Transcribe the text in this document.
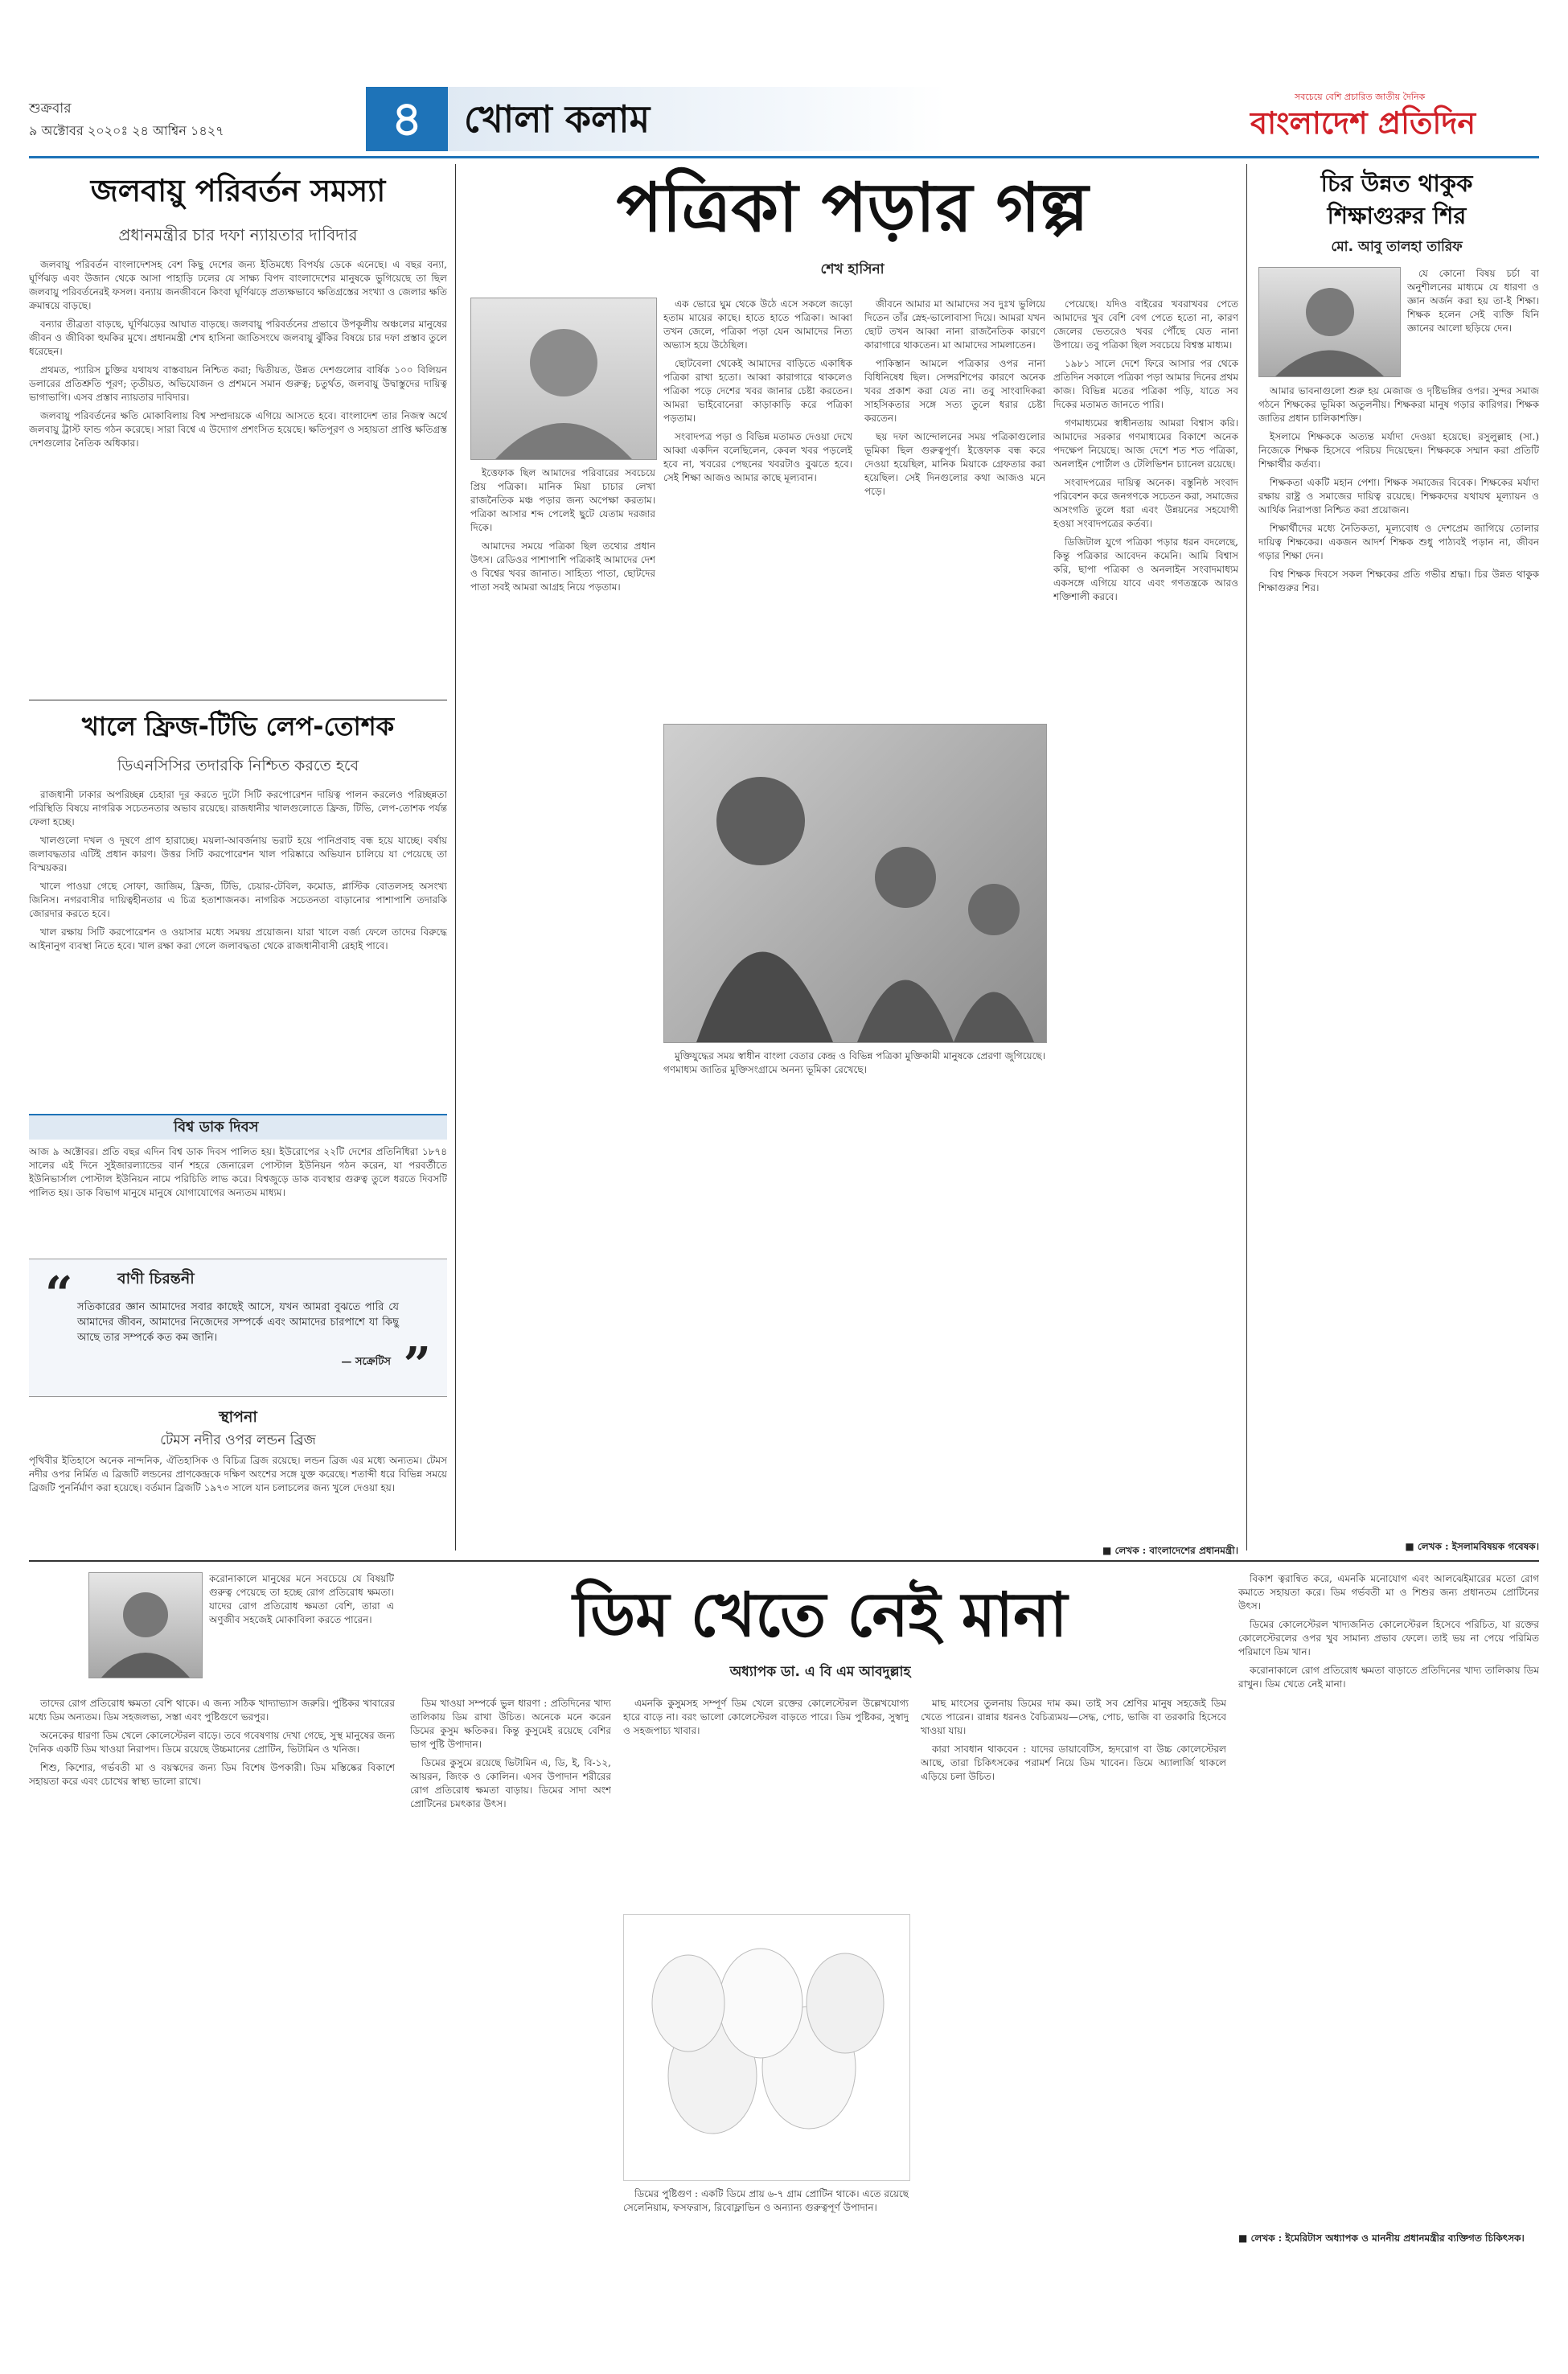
শুক্রবার
৯ অক্টোবর ২০২০ঃ ২৪ আশ্বিন ১৪২৭	৪	খোলা কলাম
সবচেয়ে বেশি প্রচারিত জাতীয় দৈনিক
বাংলাদেশ প্রতিদিন
জলবায়ু পরিবর্তন সমস্যা
প্রধানমন্ত্রীর চার দফা ন্যায়তার দাবিদার

জলবায়ু পরিবর্তন বাংলাদেশসহ বেশ কিছু দেশের জন্য ইতিমধ্যে বিপর্যয় ডেকে এনেছে। এ বছর বন্যা, ঘূর্ণিঝড় এবং উজান থেকে আসা পাহাড়ি ঢলের যে সাক্ষ্য বিপদ বাংলাদেশের মানুষকে ভুগিয়েছে তা ছিল জলবায়ু পরিবর্তনেরই ফসল। বন্যায় জনজীবনে কিংবা ঘূর্ণিঝড়ে প্রত্যক্ষভাবে ক্ষতিগ্রস্তের সংখ্যা ও জেলার ক্ষতি ক্রমান্বয়ে বাড়ছে।

বন্যার তীব্রতা বাড়ছে, ঘূর্ণিঝড়ের আঘাত বাড়ছে। জলবায়ু পরিবর্তনের প্রভাবে উপকূলীয় অঞ্চলের মানুষের জীবন ও জীবিকা হুমকির মুখে। প্রধানমন্ত্রী শেখ হাসিনা জাতিসংঘে জলবায়ু ঝুঁকির বিষয়ে চার দফা প্রস্তাব তুলে ধরেছেন।

প্রথমত, প্যারিস চুক্তির যথাযথ বাস্তবায়ন নিশ্চিত করা; দ্বিতীয়ত, উন্নত দেশগুলোর বার্ষিক ১০০ বিলিয়ন ডলারের প্রতিশ্রুতি পূরণ; তৃতীয়ত, অভিযোজন ও প্রশমনে সমান গুরুত্ব; চতুর্থত, জলবায়ু উদ্বাস্তুদের দায়িত্ব ভাগাভাগি। এসব প্রস্তাব ন্যায়তার দাবিদার।

জলবায়ু পরিবর্তনের ক্ষতি মোকাবিলায় বিশ্ব সম্প্রদায়কে এগিয়ে আসতে হবে। বাংলাদেশ তার নিজস্ব অর্থে জলবায়ু ট্রাস্ট ফান্ড গঠন করেছে। সারা বিশ্বে এ উদ্যোগ প্রশংসিত হয়েছে। ক্ষতিপূরণ ও সহায়তা প্রাপ্তি ক্ষতিগ্রস্ত দেশগুলোর নৈতিক অধিকার।

খালে ফ্রিজ-টিভি লেপ-তোশক
ডিএনসিসির তদারকি নিশ্চিত করতে হবে

রাজধানী ঢাকার অপরিচ্ছন্ন চেহারা দূর করতে দুটো সিটি করপোরেশন দায়িত্ব পালন করলেও পরিচ্ছন্নতা পরিস্থিতি বিষয়ে নাগরিক সচেতনতার অভাব রয়েছে। রাজধানীর খালগুলোতে ফ্রিজ, টিভি, লেপ-তোশক পর্যন্ত ফেলা হচ্ছে।

খালগুলো দখল ও দূষণে প্রাণ হারাচ্ছে। ময়লা-আবর্জনায় ভরাট হয়ে পানিপ্রবাহ বন্ধ হয়ে যাচ্ছে। বর্ষায় জলাবদ্ধতার এটিই প্রধান কারণ। উত্তর সিটি করপোরেশন খাল পরিষ্কারে অভিযান চালিয়ে যা পেয়েছে তা বিস্ময়কর।

খালে পাওয়া গেছে সোফা, জাজিম, ফ্রিজ, টিভি, চেয়ার-টেবিল, কমোড, প্লাস্টিক বোতলসহ অসংখ্য জিনিস। নগরবাসীর দায়িত্বহীনতার এ চিত্র হতাশাজনক। নাগরিক সচেতনতা বাড়ানোর পাশাপাশি তদারকি জোরদার করতে হবে।

খাল রক্ষায় সিটি করপোরেশন ও ওয়াসার মধ্যে সমন্বয় প্রয়োজন। যারা খালে বর্জ্য ফেলে তাদের বিরুদ্ধে আইনানুগ ব্যবস্থা নিতে হবে। খাল রক্ষা করা গেলে জলাবদ্ধতা থেকে রাজধানীবাসী রেহাই পাবে।

বিশ্ব ডাক দিবস
আজ ৯ অক্টোবর। প্রতি বছর এদিন বিশ্ব ডাক দিবস পালিত হয়। ইউরোপের ২২টি দেশের প্রতিনিধিরা ১৮৭৪ সালের এই দিনে সুইজারল্যান্ডের বার্ন শহরে জেনারেল পোস্টাল ইউনিয়ন গঠন করেন, যা পরবর্তীতে ইউনিভার্সাল পোস্টাল ইউনিয়ন নামে পরিচিতি লাভ করে। বিশ্বজুড়ে ডাক ব্যবস্থার গুরুত্ব তুলে ধরতে দিবসটি পালিত হয়। ডাক বিভাগ মানুষে মানুষে যোগাযোগের অন্যতম মাধ্যম।
“	বাণী চিরন্তনী
সতিকারের জ্ঞান আমাদের সবার কাছেই আসে, যখন আমরা বুঝতে পারি যে আমাদের জীবন, আমাদের নিজেদের সম্পর্কে এবং আমাদের চারপাশে যা কিছু আছে তার সম্পর্কে কত কম জানি।
— সক্রেটিস ”
স্থাপনা
টেমস নদীর ওপর লন্ডন ব্রিজ
পৃথিবীর ইতিহাসে অনেক নান্দনিক, ঐতিহাসিক ও বিচিত্র ব্রিজ রয়েছে। লন্ডন ব্রিজ এর মধ্যে অন্যতম। টেমস নদীর ওপর নির্মিত এ ব্রিজটি লন্ডনের প্রাণকেন্দ্রকে দক্ষিণ অংশের সঙ্গে যুক্ত করেছে। শতাব্দী ধরে বিভিন্ন সময়ে ব্রিজটি পুনর্নির্মাণ করা হয়েছে। বর্তমান ব্রিজটি ১৯৭৩ সালে যান চলাচলের জন্য খুলে দেওয়া হয়।
পত্রিকা পড়ার গল্প
শেখ হাসিনা

এক ভোরে ঘুম থেকে উঠে এসে সকলে জড়ো হতাম মায়ের কাছে। হাতে হাতে পত্রিকা। আব্বা তখন জেলে, পত্রিকা পড়া যেন আমাদের নিত্য অভ্যাস হয়ে উঠেছিল।

ছোটবেলা থেকেই আমাদের বাড়িতে একাধিক পত্রিকা রাখা হতো। আব্বা কারাগারে থাকলেও পত্রিকা পড়ে দেশের খবর জানার চেষ্টা করতেন। আমরা ভাইবোনেরা কাড়াকাড়ি করে পত্রিকা পড়তাম।

সংবাদপত্র পড়া ও বিভিন্ন মতামত দেওয়া দেখে আব্বা একদিন বলেছিলেন, কেবল খবর পড়লেই হবে না, খবরের পেছনের খবরটাও বুঝতে হবে। সেই শিক্ষা আজও আমার কাছে মূল্যবান।

ইত্তেফাক ছিল আমাদের পরিবারের সবচেয়ে প্রিয় পত্রিকা। মানিক মিয়া চাচার লেখা রাজনৈতিক মঞ্চ পড়ার জন্য অপেক্ষা করতাম। পত্রিকা আসার শব্দ পেলেই ছুটে যেতাম দরজার দিকে।

আমাদের সময়ে পত্রিকা ছিল তথ্যের প্রধান উৎস। রেডিওর পাশাপাশি পত্রিকাই আমাদের দেশ ও বিশ্বের খবর জানাত। সাহিত্য পাতা, ছোটদের পাতা সবই আমরা আগ্রহ নিয়ে পড়তাম।

জীবনে আমার মা আমাদের সব দুঃখ ভুলিয়ে দিতেন তাঁর স্নেহ-ভালোবাসা দিয়ে। আমরা যখন ছোট তখন আব্বা নানা রাজনৈতিক কারণে কারাগারে থাকতেন। মা আমাদের সামলাতেন।

পাকিস্তান আমলে পত্রিকার ওপর নানা বিধিনিষেধ ছিল। সেন্সরশিপের কারণে অনেক খবর প্রকাশ করা যেত না। তবু সাংবাদিকরা সাহসিকতার সঙ্গে সত্য তুলে ধরার চেষ্টা করতেন।

ছয় দফা আন্দোলনের সময় পত্রিকাগুলোর ভূমিকা ছিল গুরুত্বপূর্ণ। ইত্তেফাক বন্ধ করে দেওয়া হয়েছিল, মানিক মিয়াকে গ্রেফতার করা হয়েছিল। সেই দিনগুলোর কথা আজও মনে পড়ে।

পেয়েছে। যদিও বাইরের খবরাখবর পেতে আমাদের খুব বেশি বেগ পেতে হতো না, কারণ জেলের ভেতরেও খবর পৌঁছে যেত নানা উপায়ে। তবু পত্রিকা ছিল সবচেয়ে বিশ্বস্ত মাধ্যম।

১৯৮১ সালে দেশে ফিরে আসার পর থেকে প্রতিদিন সকালে পত্রিকা পড়া আমার দিনের প্রথম কাজ। বিভিন্ন মতের পত্রিকা পড়ি, যাতে সব দিকের মতামত জানতে পারি।

গণমাধ্যমের স্বাধীনতায় আমরা বিশ্বাস করি। আমাদের সরকার গণমাধ্যমের বিকাশে অনেক পদক্ষেপ নিয়েছে। আজ দেশে শত শত পত্রিকা, অনলাইন পোর্টাল ও টেলিভিশন চ্যানেল রয়েছে।

সংবাদপত্রের দায়িত্ব অনেক। বস্তুনিষ্ঠ সংবাদ পরিবেশন করে জনগণকে সচেতন করা, সমাজের অসংগতি তুলে ধরা এবং উন্নয়নের সহযোগী হওয়া সংবাদপত্রের কর্তব্য।

ডিজিটাল যুগে পত্রিকা পড়ার ধরন বদলেছে, কিন্তু পত্রিকার আবেদন কমেনি। আমি বিশ্বাস করি, ছাপা পত্রিকা ও অনলাইন সংবাদমাধ্যম একসঙ্গে এগিয়ে যাবে এবং গণতন্ত্রকে আরও শক্তিশালী করবে।

মুক্তিযুদ্ধের সময় স্বাধীন বাংলা বেতার কেন্দ্র ও বিভিন্ন পত্রিকা মুক্তিকামী মানুষকে প্রেরণা জুগিয়েছে। গণমাধ্যম জাতির মুক্তিসংগ্রামে অনন্য ভূমিকা রেখেছে।

■ লেখক : বাংলাদেশের প্রধানমন্ত্রী।
চির উন্নত থাকুক
শিক্ষাগুরুর শির
মো. আবু তালহা তারিফ

যে কোনো বিষয় চর্চা বা অনুশীলনের মাধ্যমে যে ধারণা ও জ্ঞান অর্জন করা হয় তা-ই শিক্ষা। শিক্ষক হলেন সেই ব্যক্তি যিনি জ্ঞানের আলো ছড়িয়ে দেন।

আমার ভাবনাগুলো শুরু হয় মেজাজ ও দৃষ্টিভঙ্গির ওপর। সুন্দর সমাজ গঠনে শিক্ষকের ভূমিকা অতুলনীয়। শিক্ষকরা মানুষ গড়ার কারিগর। শিক্ষক জাতির প্রধান চালিকাশক্তি।

ইসলামে শিক্ষককে অত্যন্ত মর্যাদা দেওয়া হয়েছে। রসুলুল্লাহ (সা.) নিজেকে শিক্ষক হিসেবে পরিচয় দিয়েছেন। শিক্ষককে সম্মান করা প্রতিটি শিক্ষার্থীর কর্তব্য।

শিক্ষকতা একটি মহান পেশা। শিক্ষক সমাজের বিবেক। শিক্ষকের মর্যাদা রক্ষায় রাষ্ট্র ও সমাজের দায়িত্ব রয়েছে। শিক্ষকদের যথাযথ মূল্যায়ন ও আর্থিক নিরাপত্তা নিশ্চিত করা প্রয়োজন।

শিক্ষার্থীদের মধ্যে নৈতিকতা, মূল্যবোধ ও দেশপ্রেম জাগিয়ে তোলার দায়িত্ব শিক্ষকের। একজন আদর্শ শিক্ষক শুধু পাঠ্যবই পড়ান না, জীবন গড়ার শিক্ষা দেন।

বিশ্ব শিক্ষক দিবসে সকল শিক্ষকের প্রতি গভীর শ্রদ্ধা। চির উন্নত থাকুক শিক্ষাগুরুর শির।

■ লেখক : ইসলামবিষয়ক গবেষক।
করোনাকালে মানুষের মনে সবচেয়ে যে বিষয়টি গুরুত্ব পেয়েছে তা হচ্ছে রোগ প্রতিরোধ ক্ষমতা। যাদের রোগ প্রতিরোধ ক্ষমতা বেশি, তারা এ অণুজীব সহজেই মোকাবিলা করতে পারেন।	ডিম খেতে নেই মানা
অধ্যাপক ডা. এ বি এম আবদুল্লাহ

তাদের রোগ প্রতিরোধ ক্ষমতা বেশি থাকে। এ জন্য সঠিক খাদ্যাভ্যাস জরুরি। পুষ্টিকর খাবারের মধ্যে ডিম অন্যতম। ডিম সহজলভ্য, সস্তা এবং পুষ্টিগুণে ভরপুর।

অনেকের ধারণা ডিম খেলে কোলেস্টেরল বাড়ে। তবে গবেষণায় দেখা গেছে, সুস্থ মানুষের জন্য দৈনিক একটি ডিম খাওয়া নিরাপদ। ডিমে রয়েছে উচ্চমানের প্রোটিন, ভিটামিন ও খনিজ।

শিশু, কিশোর, গর্ভবতী মা ও বয়স্কদের জন্য ডিম বিশেষ উপকারী। ডিম মস্তিষ্কের বিকাশে সহায়তা করে এবং চোখের স্বাস্থ্য ভালো রাখে।

ডিম খাওয়া সম্পর্কে ভুল ধারণা : প্রতিদিনের খাদ্য তালিকায় ডিম রাখা উচিত। অনেকে মনে করেন ডিমের কুসুম ক্ষতিকর। কিন্তু কুসুমেই রয়েছে বেশির ভাগ পুষ্টি উপাদান।

ডিমের কুসুমে রয়েছে ভিটামিন এ, ডি, ই, বি-১২, আয়রন, জিংক ও কোলিন। এসব উপাদান শরীরের রোগ প্রতিরোধ ক্ষমতা বাড়ায়। ডিমের সাদা অংশ প্রোটিনের চমৎকার উৎস।

এমনকি কুসুমসহ সম্পূর্ণ ডিম খেলে রক্তের কোলেস্টেরল উল্লেখযোগ্য হারে বাড়ে না। বরং ভালো কোলেস্টেরল বাড়তে পারে। ডিম পুষ্টিকর, সুস্বাদু ও সহজপাচ্য খাবার।

ডিমের পুষ্টিগুণ : একটি ডিমে প্রায় ৬-৭ গ্রাম প্রোটিন থাকে। এতে রয়েছে সেলেনিয়াম, ফসফরাস, রিবোফ্লাভিন ও অন্যান্য গুরুত্বপূর্ণ উপাদান।

মাছ মাংসের তুলনায় ডিমের দাম কম। তাই সব শ্রেণির মানুষ সহজেই ডিম খেতে পারেন। রান্নার ধরনও বৈচিত্র্যময়—সেদ্ধ, পোচ, ভাজি বা তরকারি হিসেবে খাওয়া যায়।

কারা সাবধান থাকবেন : যাদের ডায়াবেটিস, হৃদরোগ বা উচ্চ কোলেস্টেরল আছে, তারা চিকিৎসকের পরামর্শ নিয়ে ডিম খাবেন। ডিমে অ্যালার্জি থাকলে এড়িয়ে চলা উচিত।

বিকাশ ত্বরান্বিত করে, এমনকি মনোযোগ এবং আলঝেইমারের মতো রোগ কমাতে সহায়তা করে। ডিম গর্ভবতী মা ও শিশুর জন্য প্রধানতম প্রোটিনের উৎস।

ডিমের কোলেস্টেরল খাদ্যজনিত কোলেস্টেরল হিসেবে পরিচিত, যা রক্তের কোলেস্টেরলের ওপর খুব সামান্য প্রভাব ফেলে। তাই ভয় না পেয়ে পরিমিত পরিমাণে ডিম খান।

করোনাকালে রোগ প্রতিরোধ ক্ষমতা বাড়াতে প্রতিদিনের খাদ্য তালিকায় ডিম রাখুন। ডিম খেতে নেই মানা।

■ লেখক : ইমেরিটাস অধ্যাপক ও মাননীয় প্রধানমন্ত্রীর ব্যক্তিগত চিকিৎসক।
